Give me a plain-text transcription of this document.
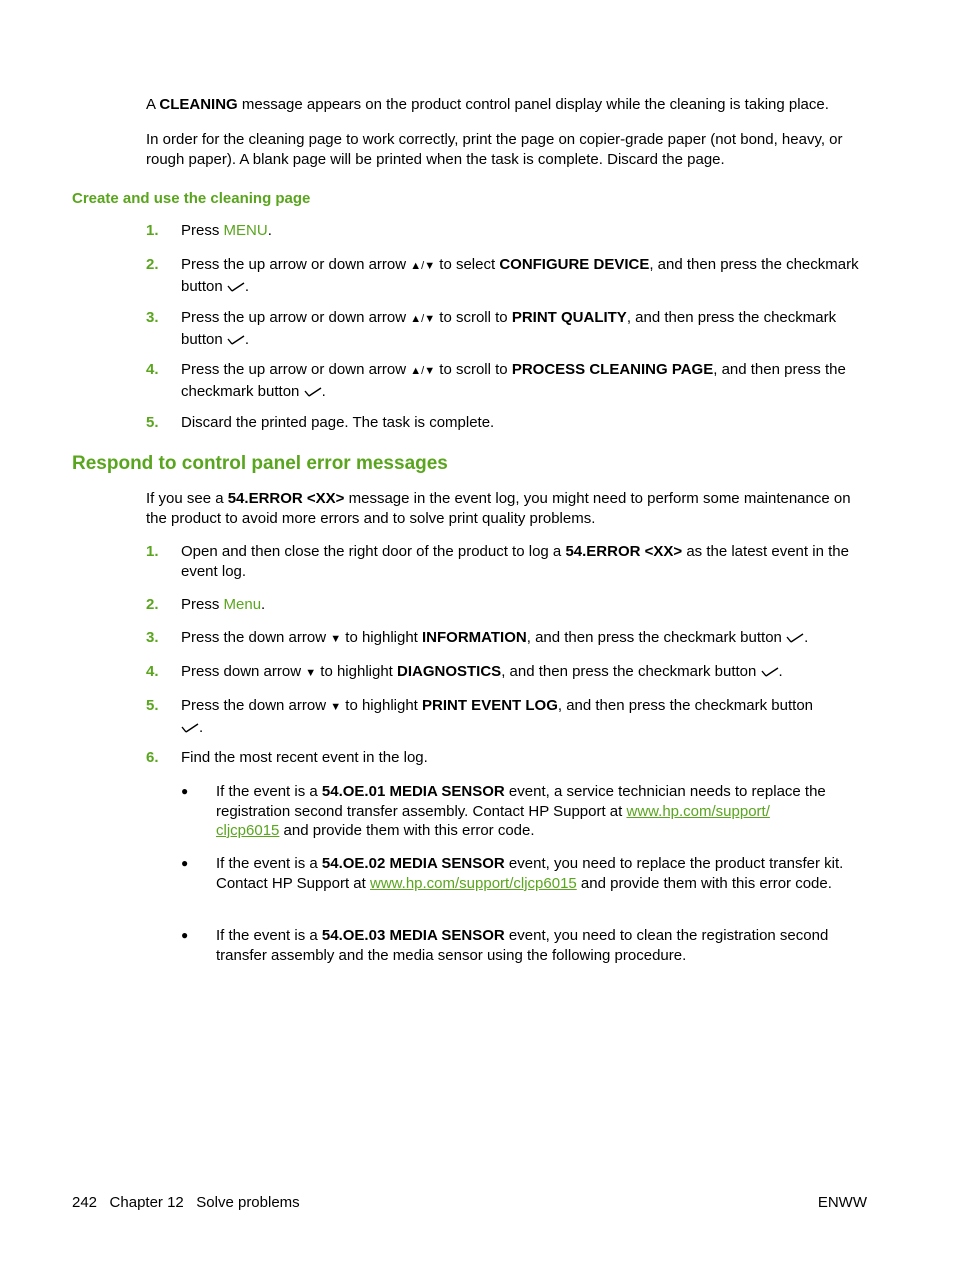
A CLEANING message appears on the product control panel display while the cleaning is taking place.

In order for the cleaning page to work correctly, print the page on copier-grade paper (not bond, heavy, or rough paper). A blank page will be printed when the task is complete. Discard the page.

Create and use the cleaning page

1. Press MENU.
2. Press the up arrow or down arrow ▲/▼ to select CONFIGURE DEVICE, and then press the checkmark button .
3. Press the up arrow or down arrow ▲/▼ to scroll to PRINT QUALITY, and then press the checkmark button .
4. Press the up arrow or down arrow ▲/▼ to scroll to PROCESS CLEANING PAGE, and then press the checkmark button .
5. Discard the printed page. The task is complete.

Respond to control panel error messages

If you see a 54.ERROR <XX> message in the event log, you might need to perform some maintenance on the product to avoid more errors and to solve print quality problems.

1. Open and then close the right door of the product to log a 54.ERROR <XX> as the latest event in the event log.
2. Press Menu.
3. Press the down arrow ▼ to highlight INFORMATION, and then press the checkmark button .
4. Press down arrow ▼ to highlight DIAGNOSTICS, and then press the checkmark button .
5. Press the down arrow ▼ to highlight PRINT EVENT LOG, and then press the checkmark button
.
6. Find the most recent event in the log.
● If the event is a 54.OE.01 MEDIA SENSOR event, a service technician needs to replace the registration second transfer assembly. Contact HP Support at www.hp.com/support/
cljcp6015 and provide them with this error code.
● If the event is a 54.OE.02 MEDIA SENSOR event, you need to replace the product transfer kit. Contact HP Support at www.hp.com/support/cljcp6015 and provide them with this error code.
● If the event is a 54.OE.03 MEDIA SENSOR event, you need to clean the registration second transfer assembly and the media sensor using the following procedure.
242 Chapter 12 Solve problems	ENWW
